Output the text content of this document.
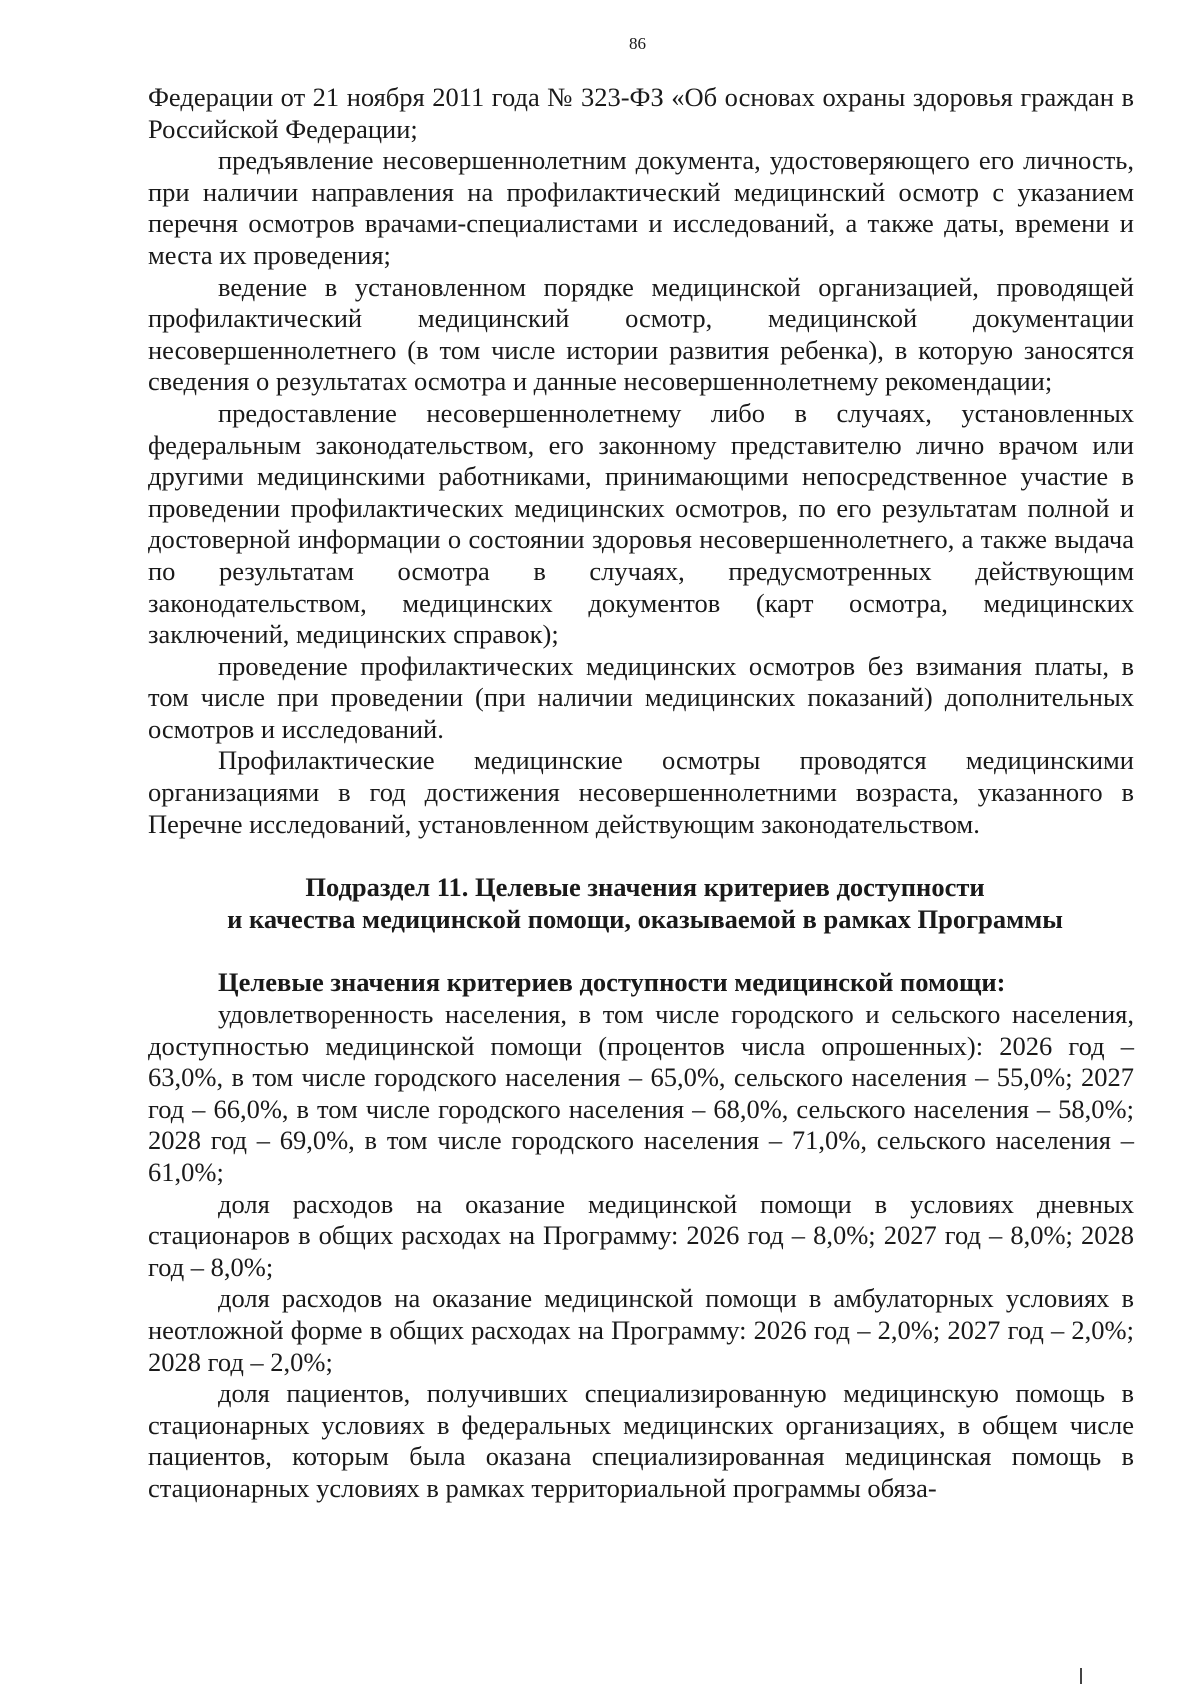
86

Федерации от 21 ноября 2011 года № 323-ФЗ «Об основах охраны здоровья граждан в Российской Федерации;

предъявление несовершеннолетним документа, удостоверяющего его личность, при наличии направления на профилактический медицинский осмотр с указанием перечня осмотров врачами-специалистами и исследований, а также даты, времени и места их проведения;

ведение в установленном порядке медицинской организацией, проводящей профилактический медицинский осмотр, медицинской документации несовершеннолетнего (в том числе истории развития ребенка), в которую заносятся сведения о результатах осмотра и данные несовершеннолетнему рекомендации;

предоставление несовершеннолетнему либо в случаях, установленных федеральным законодательством, его законному представителю лично врачом или другими медицинскими работниками, принимающими непосредственное участие в проведении профилактических медицинских осмотров, по его результатам полной и достоверной информации о состоянии здоровья несовершеннолетнего, а также выдача по результатам осмотра в случаях, предусмотренных действующим законодательством, медицинских документов (карт осмотра, медицинских заключений, медицинских справок);

проведение профилактических медицинских осмотров без взимания платы, в том числе при проведении (при наличии медицинских показаний) дополнительных осмотров и исследований.

Профилактические медицинские осмотры проводятся медицинскими организациями в год достижения несовершеннолетними возраста, указанного в Перечне исследований, установленном действующим законодательством.

Подраздел 11. Целевые значения критериев доступности
и качества медицинской помощи, оказываемой в рамках Программы

Целевые значения критериев доступности медицинской помощи:

удовлетворенность населения, в том числе городского и сельского населения, доступностью медицинской помощи (процентов числа опрошенных): 2026 год – 63,0%, в том числе городского населения – 65,0%, сельского населения – 55,0%; 2027 год – 66,0%, в том числе городского населения – 68,0%, сельского населения – 58,0%; 2028 год – 69,0%, в том числе городского населения – 71,0%, сельского населения – 61,0%;

доля расходов на оказание медицинской помощи в условиях дневных стационаров в общих расходах на Программу: 2026 год – 8,0%; 2027 год – 8,0%; 2028 год – 8,0%;

доля расходов на оказание медицинской помощи в амбулаторных условиях в неотложной форме в общих расходах на Программу: 2026 год – 2,0%; 2027 год – 2,0%; 2028 год – 2,0%;

доля пациентов, получивших специализированную медицинскую помощь в стационарных условиях в федеральных медицинских организациях, в общем числе пациентов, которым была оказана специализированная медицинская помощь в стационарных условиях в рамках территориальной программы обяза-
